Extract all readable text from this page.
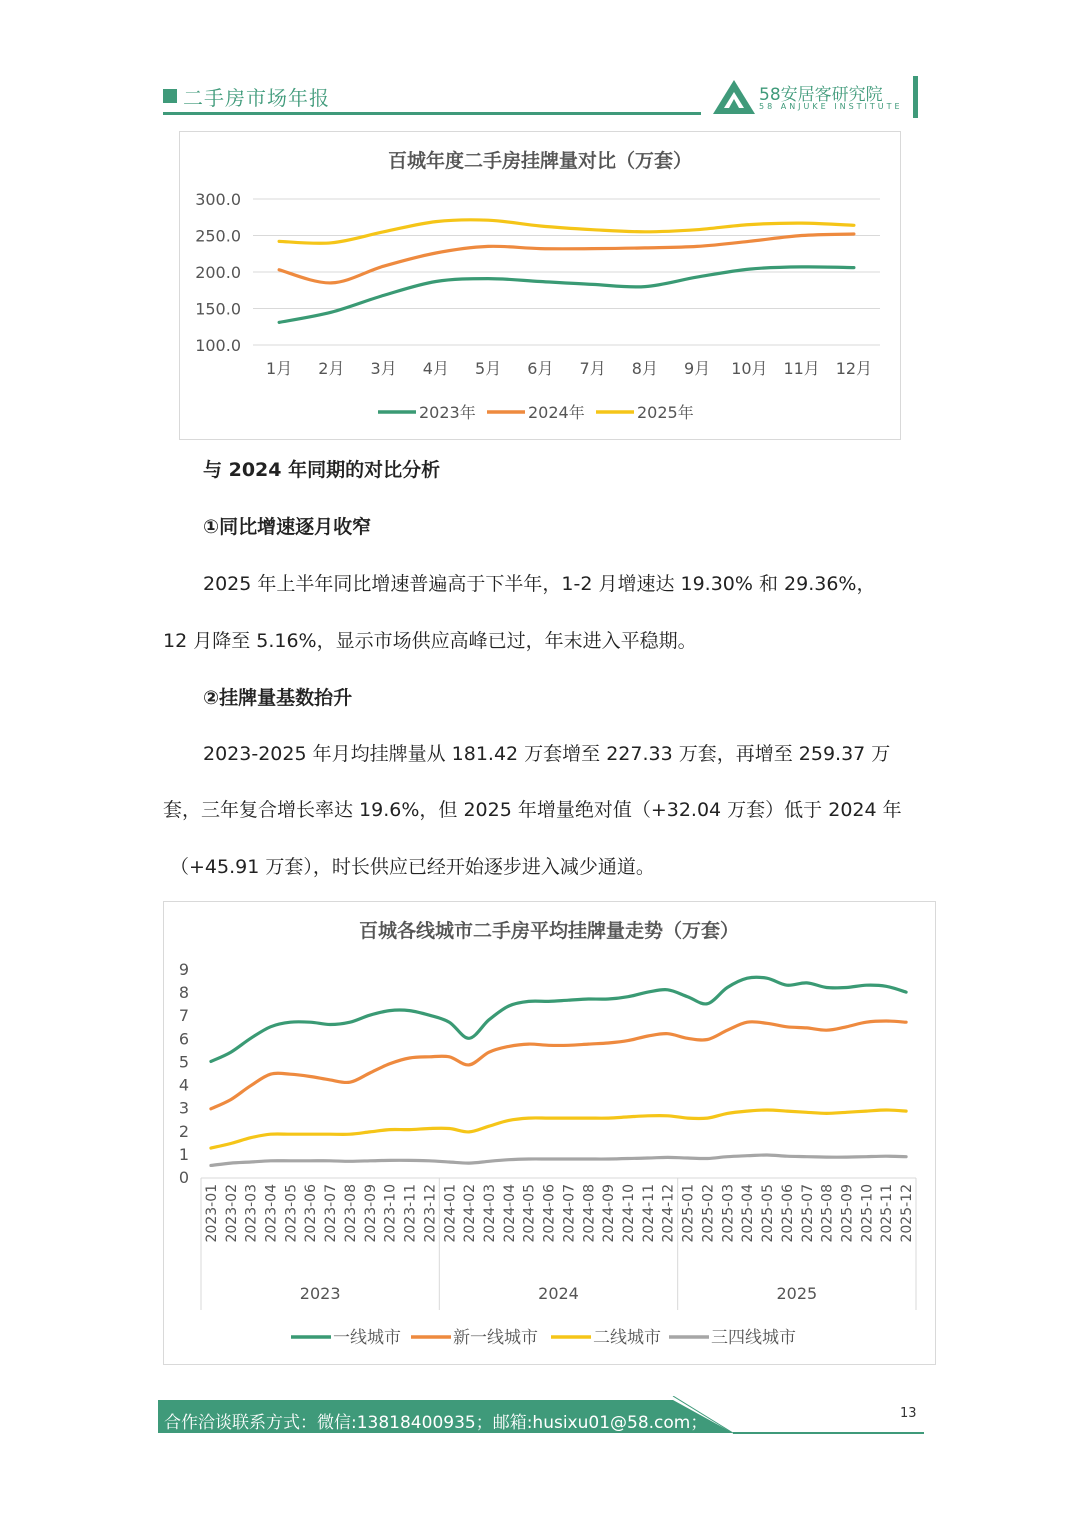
二手房市场年报	58安居客研究院
58 ANJUKE INSTITUTE
百城年度二手房挂牌量对比（万套）
300.0
250.0
200.0
150.0
100.0
1月 2月 3月 4月 5月 6月 7月 8月 9月 10月 11月 12月
2023年	2024年	2025年
与 2024 年同期的对比分析
①同比增速逐月收窄
2025 年上半年同比增速普遍高于下半年，1-2 月增速达 19.30% 和 29.36%，
12 月降至 5.16%，显示市场供应高峰已过，年末进入平稳期。
②挂牌量基数抬升
2023-2025 年月均挂牌量从 181.42 万套增至 227.33 万套，再增至 259.37 万
套，三年复合增长率达 19.6%，但 2025 年增量绝对值（+32.04 万套）低于 2024 年
（+45.91 万套），时长供应已经开始逐步进入减少通道。
百城各线城市二手房平均挂牌量走势（万套）
9
8
7
6
5
4
3
2
1
0
2023-01 2023-02 2023-03 2023-04 2023-05 2023-06 2023-07 2023-08 2023-09 2023-10 2023-11 2023-12 2024-01 2024-02 2024-03 2024-04 2024-05 2024-06 2024-07 2024-08 2024-09 2024-10 2024-11 2024-12 2025-01 2025-02 2025-03 2025-04 2025-05 2025-06 2025-07 2025-08 2025-09 2025-10 2025-11 2025-12
2023	2024	2025
一线城市	新一线城市	二线城市	三四线城市
合作洽谈联系方式：微信:13818400935；邮箱:husixu01@58.com；	13
